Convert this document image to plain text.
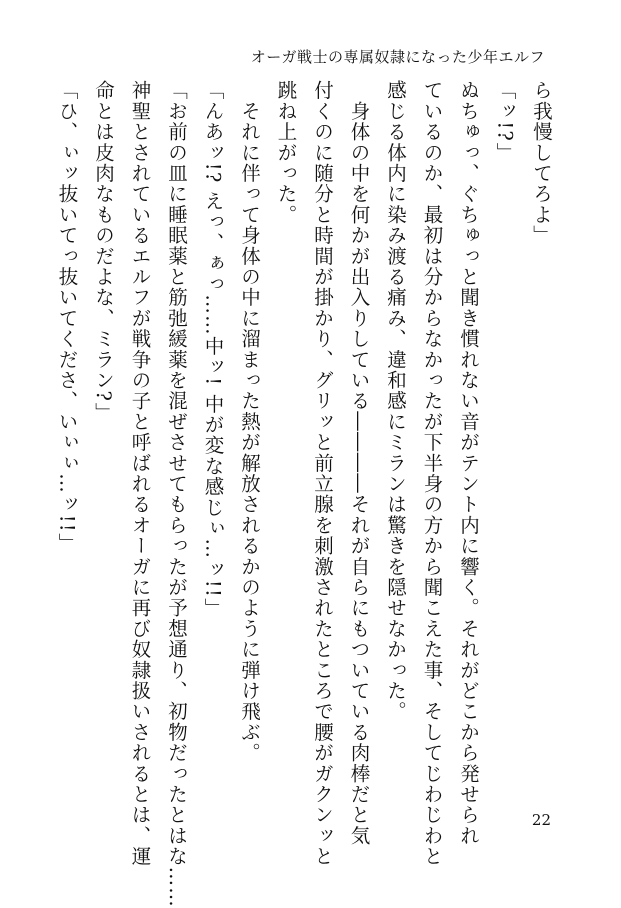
オーガ戦士の専属奴隷になった少年エルフ
ら我慢してろよ」
「ッ!?」
ぬちゅっ、ぐちゅっと聞き慣れない音がテント内に響く。それがどこから発せられ
ているのか、最初は分からなかったが下半身の方から聞こえた事、そしてじわじわと
感じる体内に染み渡る痛み、違和感にミランは驚きを隠せなかった。
　身体の中を何かが出入りしている――――それが自らにもついている肉棒だと気
付くのに随分と時間が掛かり、グリッと前立腺を刺激されたところで腰がガクンッと
跳ね上がった。
　それに伴って身体の中に溜まった熱が解放されるかのように弾け飛ぶ。
「んあッ!? えっ、ぁっ……中ッ! 中が変な感じぃ…ッ!!」
「お前の皿に睡眠薬と筋弛緩薬を混ぜさせてもらったが予想通り、初物だったとはな……
神聖とされているエルフが戦争の子と呼ばれるオーガに再び奴隷扱いされるとは、運
命とは皮肉なものだよな、ミラン?」
「ひ、ぃッ抜いてっ抜いてくださ、いぃぃ…ッ!!」
22
